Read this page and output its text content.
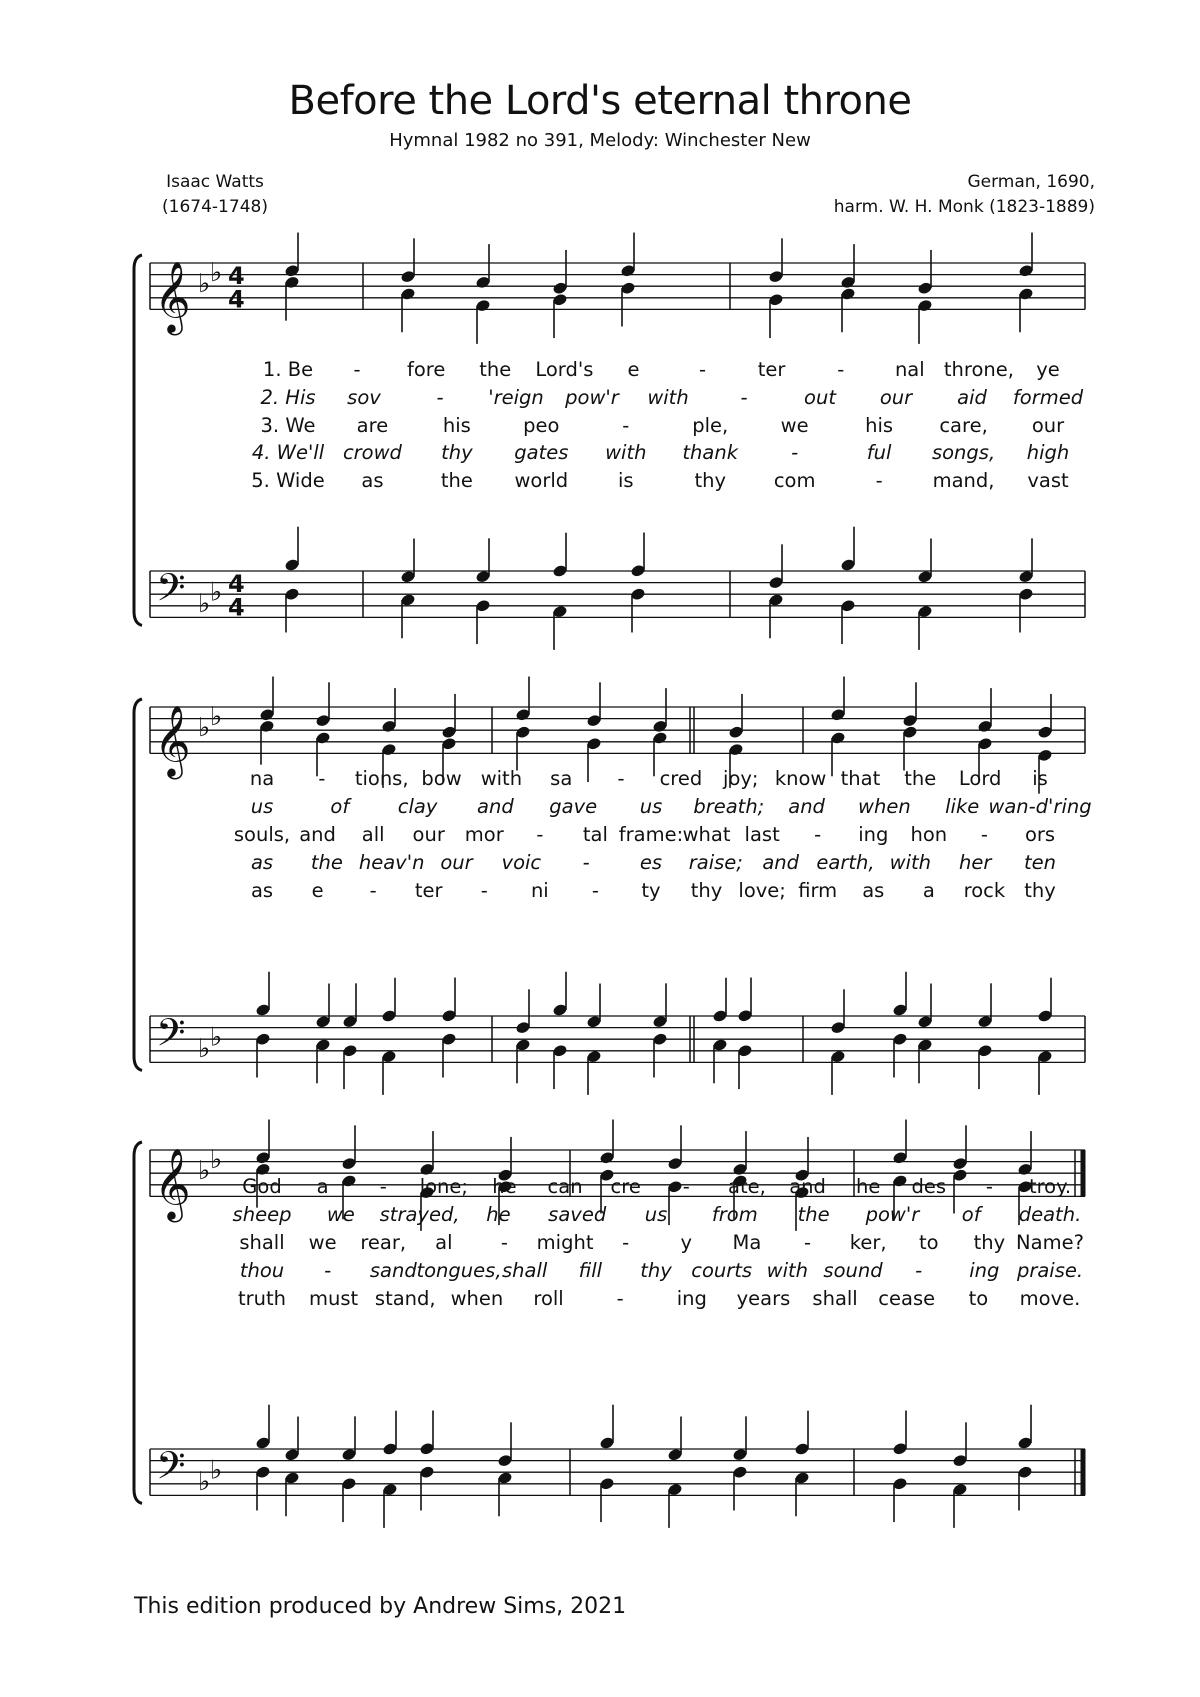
Before the Lord's eternal throne
Hymnal 1982 no 391, Melody: Winchester New
Isaac Watts
(1674-1748)
German, 1690,
harm. W. H. Monk (1823-1889)
𝄞
𝄢
♭ ♭
♭ ♭
4
4
4
4
𝄞
𝄢
♭ ♭
♭ ♭
𝄞
𝄢
♭ ♭
♭ ♭
1. Be - fore the Lord's e	-	ter	-	nal throne, ye
2. His sov	- 'reign pow'r with	-	out our aid formed
3. We are	his	peo	-	ple,	we	his care, our
4. We'll crowd thy gates with thank	-	ful songs, high
5. Wide as	the world	is	thy com	-	mand, vast
na - tions, bow with sa - cred joy; know that the Lord is
us	of clay and gave us breath; and when like wan-d'ring
souls, and all our mor - tal frame: what last - ing hon - ors
as the heav'n our voic -	es raise; and earth, with her ten
as e - ter - ni - ty thy love; firm as a rock thy
God a	- lone; he can cre - ate, and he des - troy.
sheep we strayed, he saved us from the pow'r of death.
shall we rear, al - might -	y Ma - ker, to thy Name?
thou - sand tongues, shall fill thy courts with sound - ing praise.
truth must stand, when roll	-	ing years shall cease to move.
This edition produced by Andrew Sims, 2021
